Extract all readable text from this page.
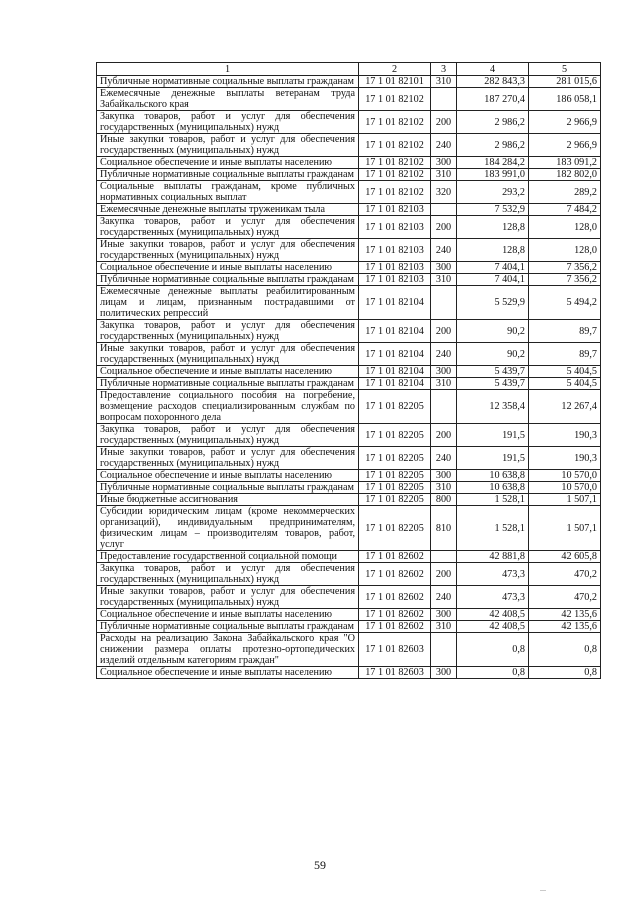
1	2	3	4	5
Публичные нормативные социальные выплаты гражданам	17 1 01 82101	310	282 843,3	281 015,6
Ежемесячные денежные выплаты ветеранам труда Забайкальского края	17 1 01 82102		187 270,4	186 058,1
Закупка товаров, работ и услуг для обеспечения государственных (муниципальных) нужд	17 1 01 82102	200	2 986,2	2 966,9
Иные закупки товаров, работ и услуг для обеспечения государственных (муниципальных) нужд	17 1 01 82102	240	2 986,2	2 966,9
Социальное обеспечение и иные выплаты населению	17 1 01 82102	300	184 284,2	183 091,2
Публичные нормативные социальные выплаты гражданам	17 1 01 82102	310	183 991,0	182 802,0
Социальные выплаты гражданам, кроме публичных нормативных социальных выплат	17 1 01 82102	320	293,2	289,2
Ежемесячные денежные выплаты труженикам тыла	17 1 01 82103		7 532,9	7 484,2
Закупка товаров, работ и услуг для обеспечения государственных (муниципальных) нужд	17 1 01 82103	200	128,8	128,0
Иные закупки товаров, работ и услуг для обеспечения государственных (муниципальных) нужд	17 1 01 82103	240	128,8	128,0
Социальное обеспечение и иные выплаты населению	17 1 01 82103	300	7 404,1	7 356,2
Публичные нормативные социальные выплаты гражданам	17 1 01 82103	310	7 404,1	7 356,2
Ежемесячные денежные выплаты реабилитированным лицам и лицам, признанным пострадавшими от политических репрессий	17 1 01 82104		5 529,9	5 494,2
Закупка товаров, работ и услуг для обеспечения государственных (муниципальных) нужд	17 1 01 82104	200	90,2	89,7
Иные закупки товаров, работ и услуг для обеспечения государственных (муниципальных) нужд	17 1 01 82104	240	90,2	89,7
Социальное обеспечение и иные выплаты населению	17 1 01 82104	300	5 439,7	5 404,5
Публичные нормативные социальные выплаты гражданам	17 1 01 82104	310	5 439,7	5 404,5
Предоставление социального пособия на погребение, возмещение расходов специализированным службам по вопросам похоронного дела	17 1 01 82205		12 358,4	12 267,4
Закупка товаров, работ и услуг для обеспечения государственных (муниципальных) нужд	17 1 01 82205	200	191,5	190,3
Иные закупки товаров, работ и услуг для обеспечения государственных (муниципальных) нужд	17 1 01 82205	240	191,5	190,3
Социальное обеспечение и иные выплаты населению	17 1 01 82205	300	10 638,8	10 570,0
Публичные нормативные социальные выплаты гражданам	17 1 01 82205	310	10 638,8	10 570,0
Иные бюджетные ассигнования	17 1 01 82205	800	1 528,1	1 507,1
Субсидии юридическим лицам (кроме некоммерческих организаций), индивидуальным предпринимателям, физическим лицам – производителям товаров, работ, услуг	17 1 01 82205	810	1 528,1	1 507,1
Предоставление государственной социальной помощи	17 1 01 82602		42 881,8	42 605,8
Закупка товаров, работ и услуг для обеспечения государственных (муниципальных) нужд	17 1 01 82602	200	473,3	470,2
Иные закупки товаров, работ и услуг для обеспечения государственных (муниципальных) нужд	17 1 01 82602	240	473,3	470,2
Социальное обеспечение и иные выплаты населению	17 1 01 82602	300	42 408,5	42 135,6
Публичные нормативные социальные выплаты гражданам	17 1 01 82602	310	42 408,5	42 135,6
Расходы на реализацию Закона Забайкальского края "О снижении размера оплаты протезно-ортопедических изделий отдельным категориям граждан"	17 1 01 82603		0,8	0,8
Социальное обеспечение и иные выплаты населению	17 1 01 82603	300	0,8	0,8
59
...
